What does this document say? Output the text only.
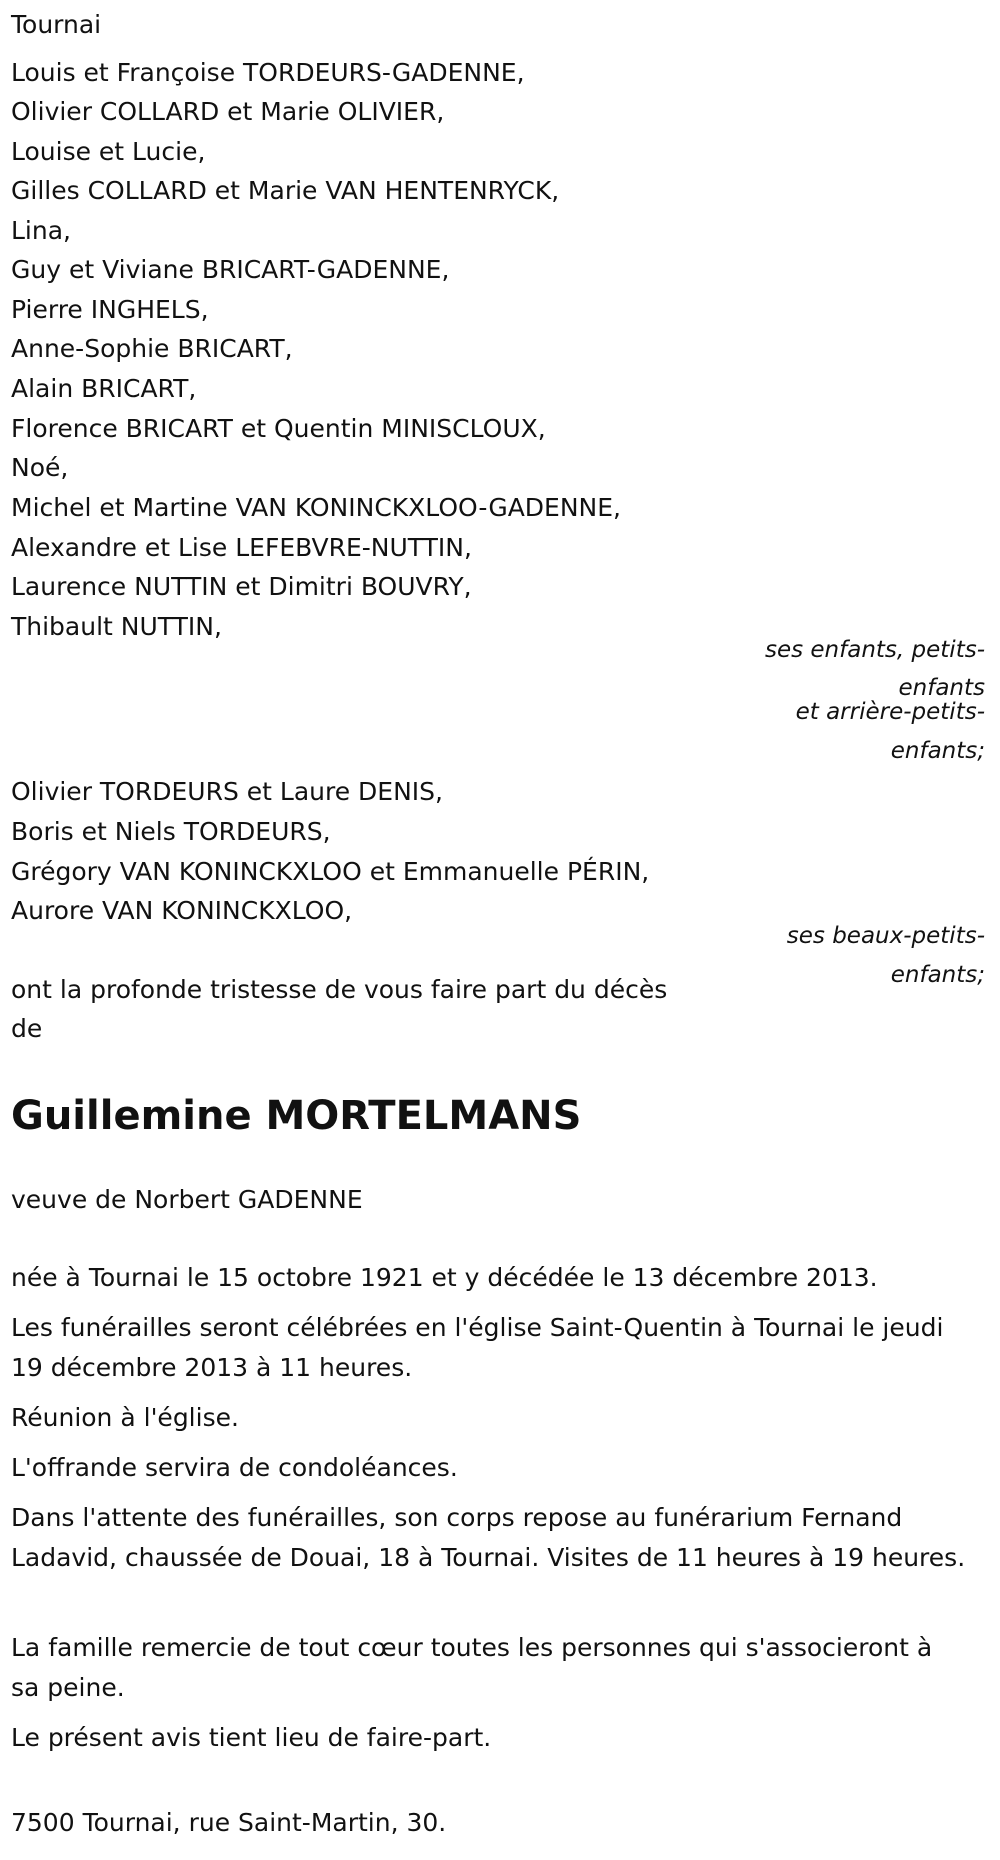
Tournai
Louis et Françoise TORDEURS-GADENNE,
Olivier COLLARD et Marie OLIVIER,
Louise et Lucie,
Gilles COLLARD et Marie VAN HENTENRYCK,
Lina,
Guy et Viviane BRICART-GADENNE,
Pierre INGHELS,
Anne-Sophie BRICART,
Alain BRICART,
Florence BRICART et Quentin MINISCLOUX,
Noé,
Michel et Martine VAN KONINCKXLOO-GADENNE,
Alexandre et Lise LEFEBVRE-NUTTIN,
Laurence NUTTIN et Dimitri BOUVRY,
Thibault NUTTIN,
ses enfants, petits-
enfants
et arrière-petits-
enfants;
Olivier TORDEURS et Laure DENIS,
Boris et Niels TORDEURS,
Grégory VAN KONINCKXLOO et Emmanuelle PÉRIN,
Aurore VAN KONINCKXLOO,
ses beaux-petits-
enfants;
ont la profonde tristesse de vous faire part du décès
de
Guillemine MORTELMANS
veuve de Norbert GADENNE
née à Tournai le 15 octobre 1921 et y décédée le 13 décembre 2013.
Les funérailles seront célébrées en l'église Saint-Quentin à Tournai le jeudi 19 décembre 2013 à 11 heures.
Réunion à l'église.
L'offrande servira de condoléances.
Dans l'attente des funérailles, son corps repose au funérarium Fernand Ladavid, chaussée de Douai, 18 à Tournai. Visites de 11 heures à 19 heures.
La famille remercie de tout cœur toutes les personnes qui s'associeront à sa peine.
Le présent avis tient lieu de faire-part.
7500 Tournai, rue Saint-Martin, 30.
